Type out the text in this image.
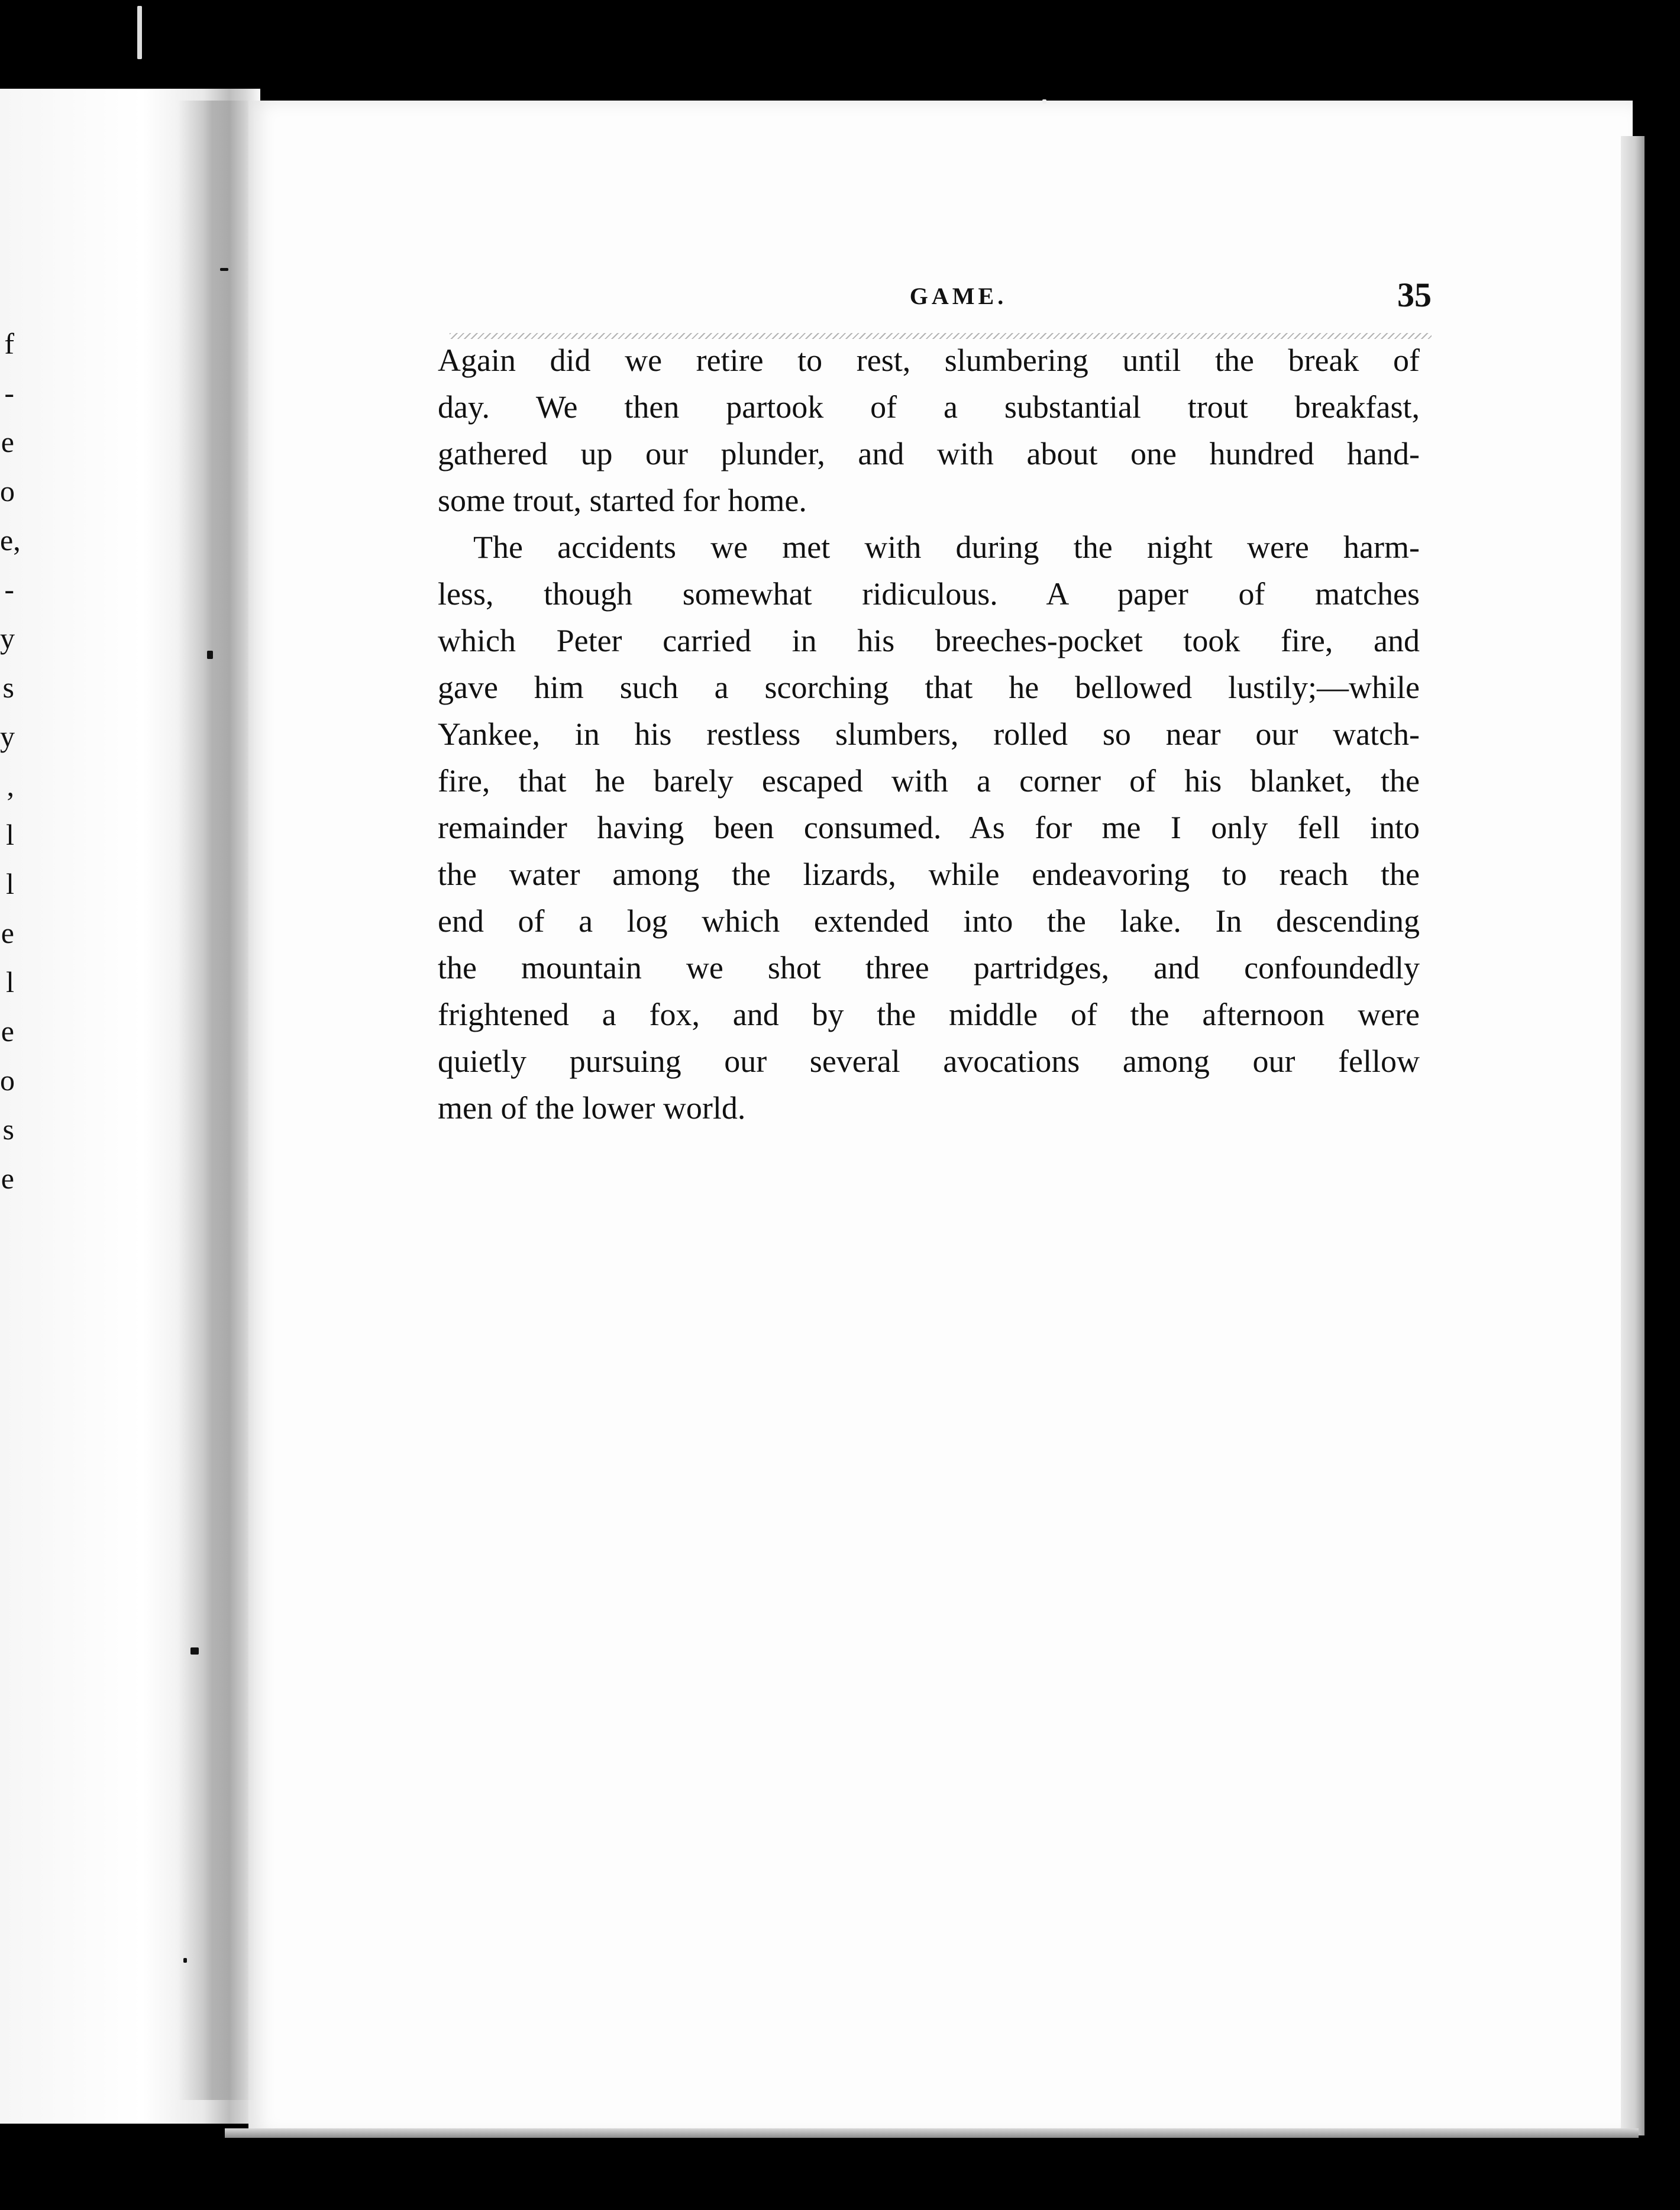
f
-
e
o
e,
-
y
s
y
,
l
l
e
l
e
o
s
e
GAME.	35

Again did we retire to rest, slumbering until the break of
day. We then partook of a substantial trout breakfast,
gathered up our plunder, and with about one hundred hand-
some trout, started for home.

The accidents we met with during the night were harm-
less, though somewhat ridiculous. A paper of matches
which Peter carried in his breeches-pocket took fire, and
gave him such a scorching that he bellowed lustily;—while
Yankee, in his restless slumbers, rolled so near our watch-
fire, that he barely escaped with a corner of his blanket, the
remainder having been consumed. As for me I only fell into
the water among the lizards, while endeavoring to reach the
end of a log which extended into the lake. In descending
the mountain we shot three partridges, and confoundedly
frightened a fox, and by the middle of the afternoon were
quietly pursuing our several avocations among our fellow
men of the lower world.
